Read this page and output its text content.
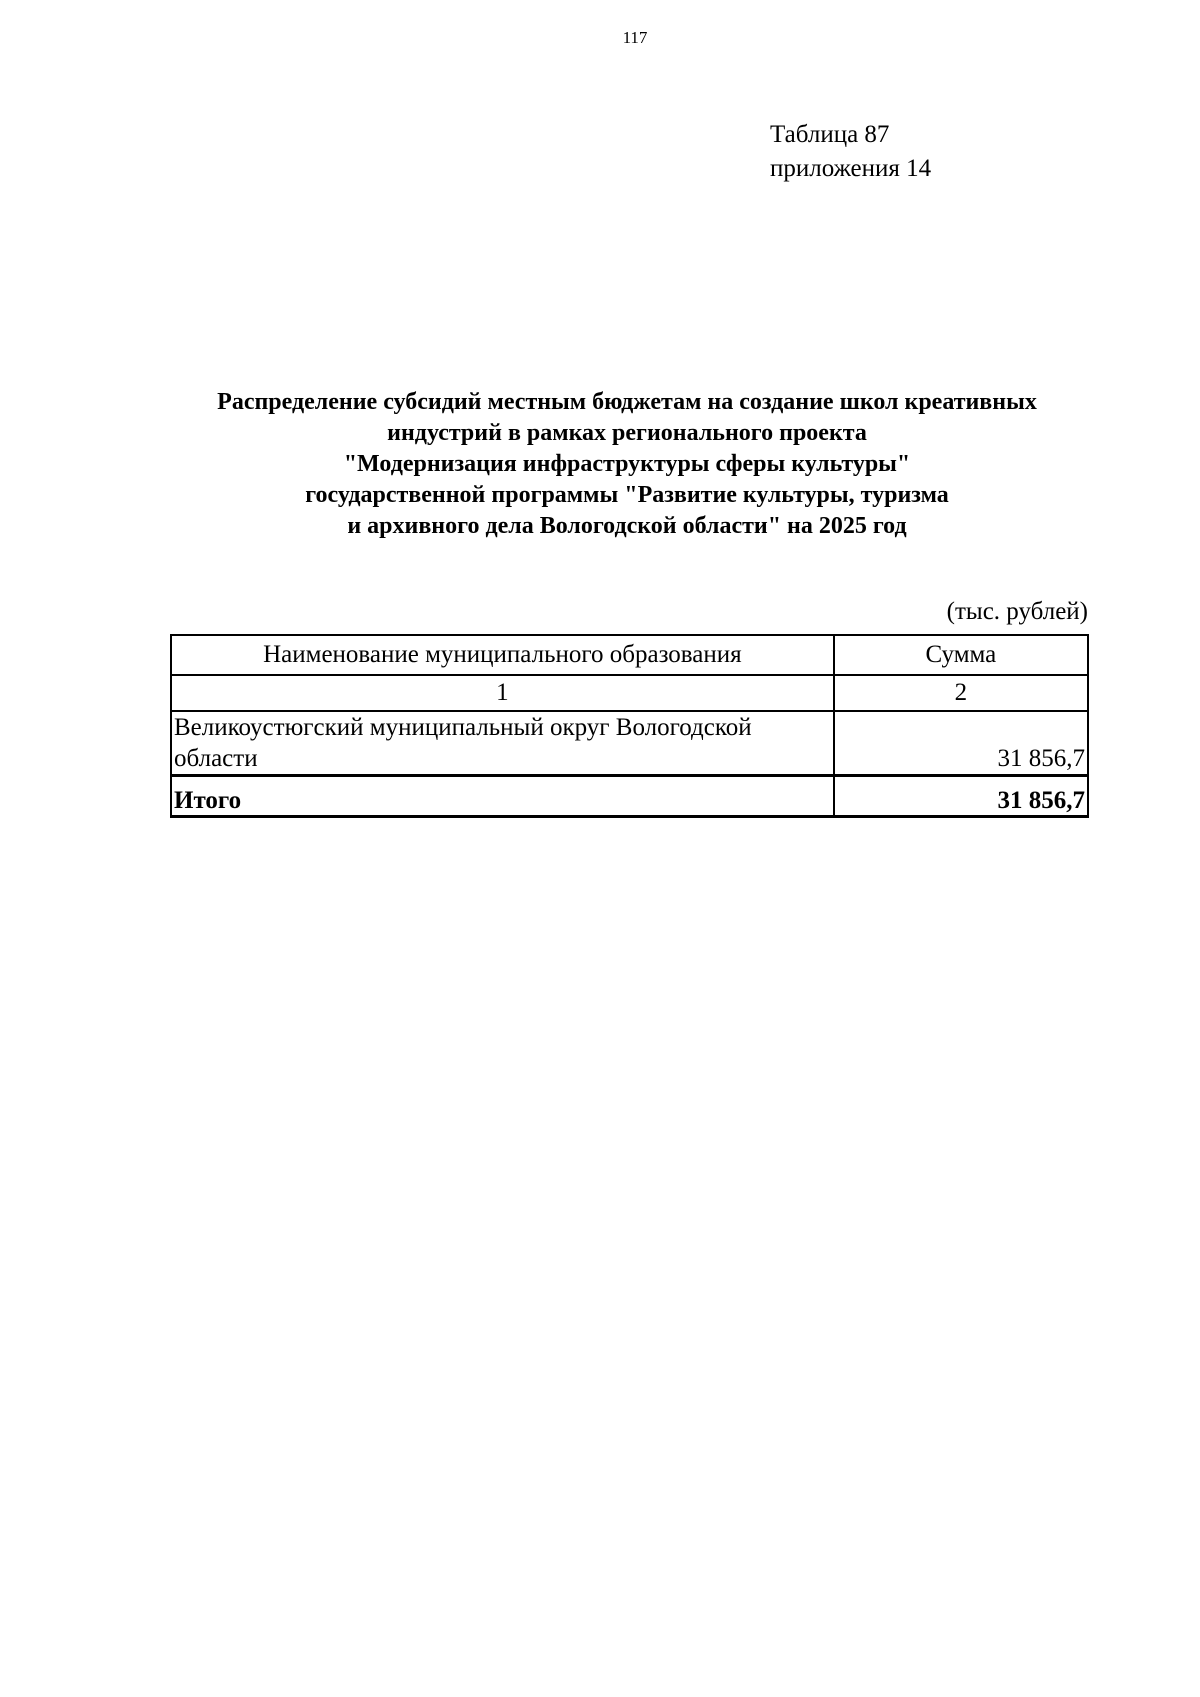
117
Таблица 87
приложения 14
Распределение субсидий местным бюджетам на создание школ креативных
индустрий в рамках регионального проекта
"Модернизация инфраструктуры сферы культуры"
государственной программы "Развитие культуры, туризма
и архивного дела Вологодской области" на 2025 год
(тыс. рублей)
Наименование муниципального образования	Сумма
1	2

Великоустюгский муниципальный округ Вологодской
области	31 856,7
Итого	31 856,7
